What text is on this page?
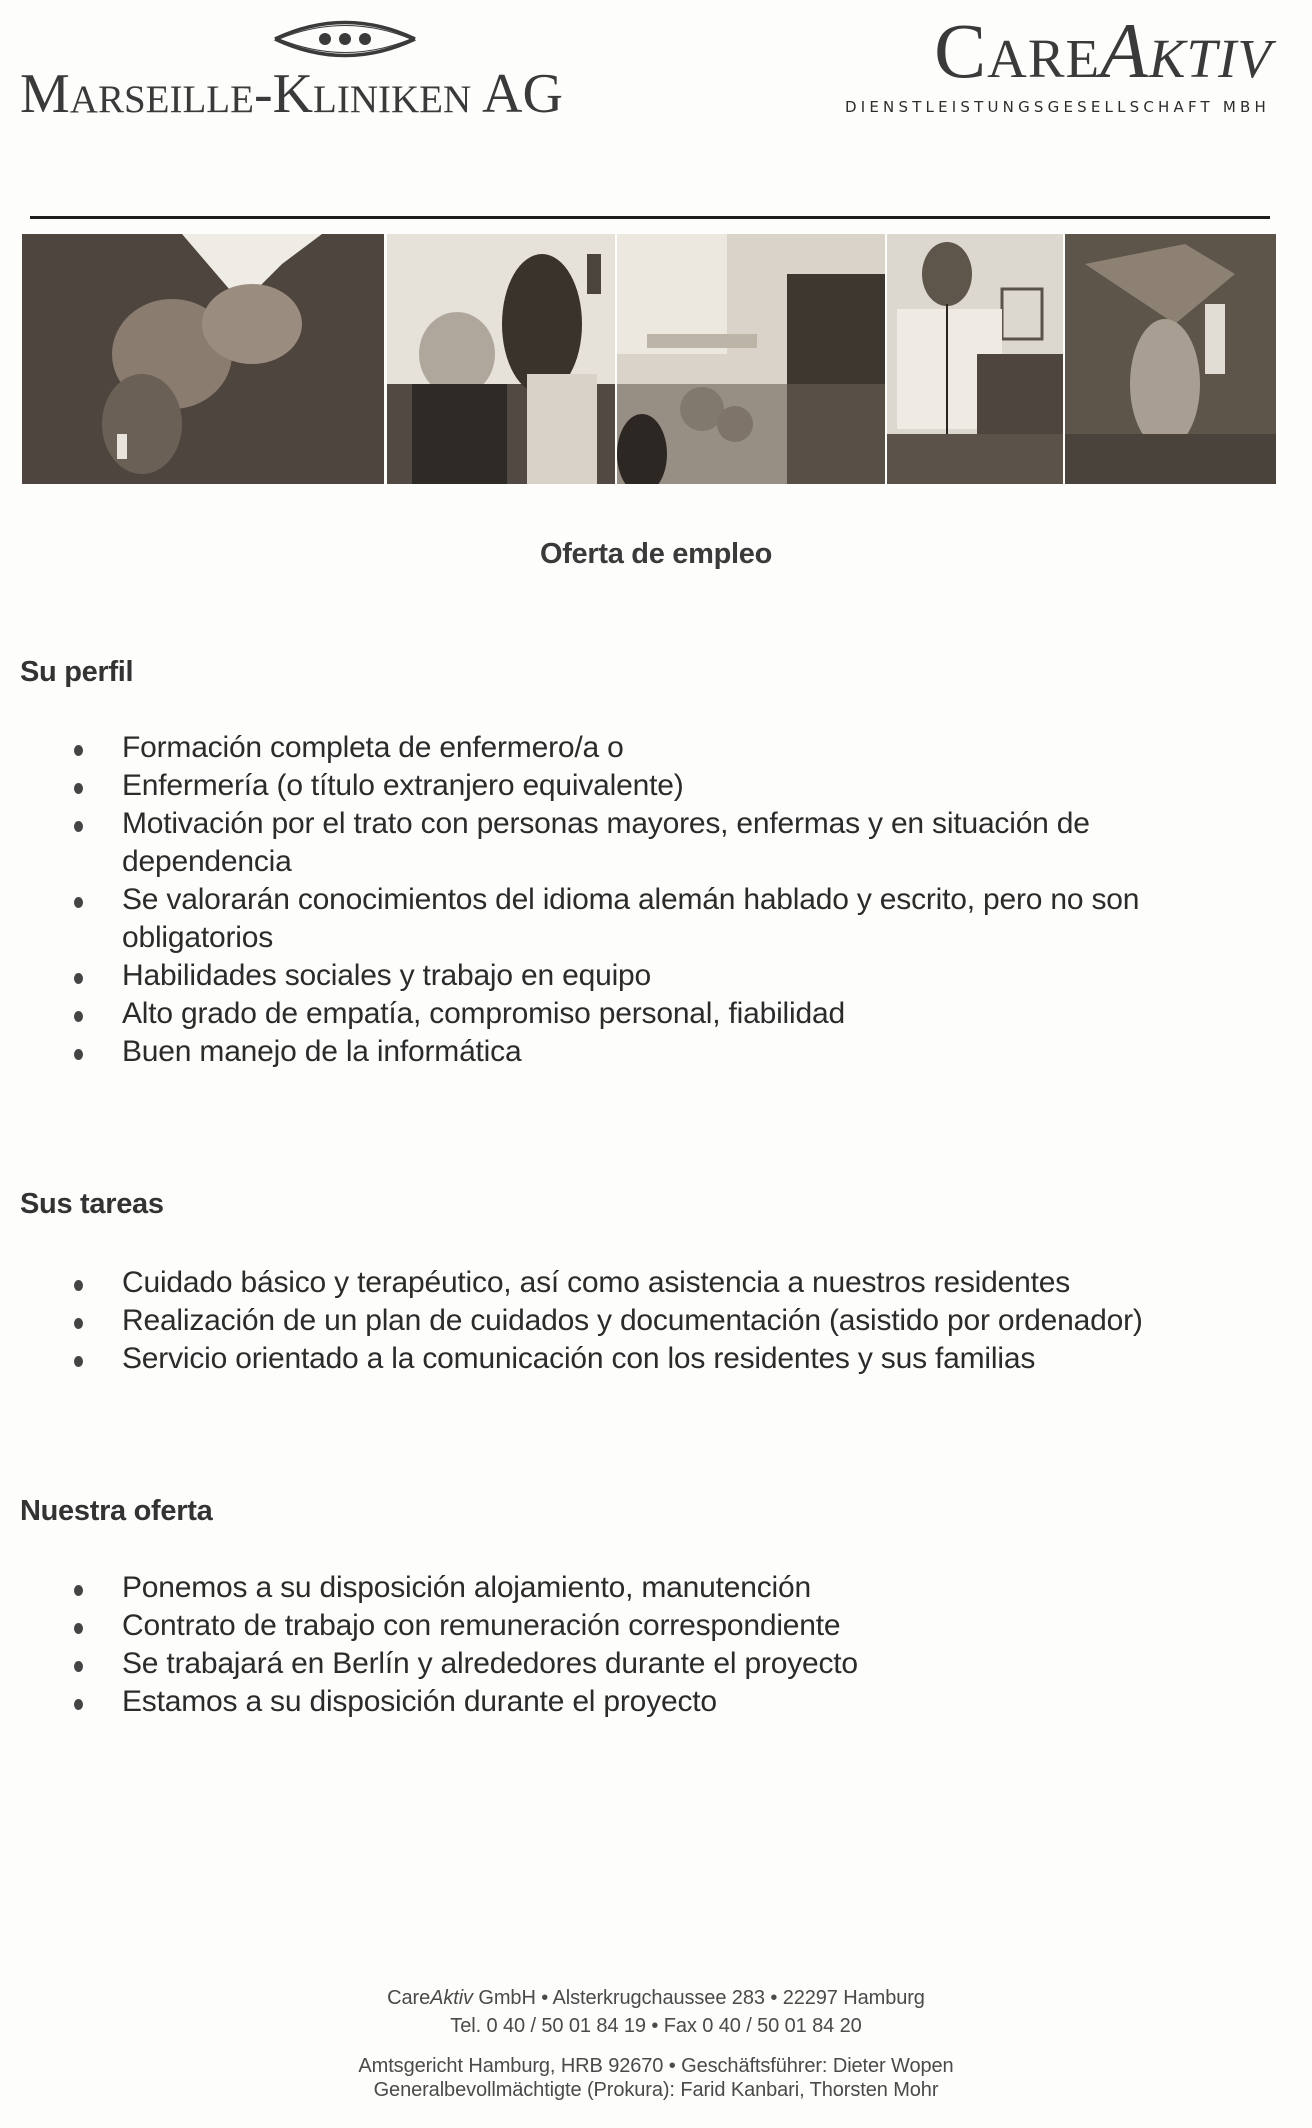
Marseille-Kliniken AG	CareAktiv
DIENSTLEISTUNGSGESELLSCHAFT MBH
Oferta de empleo
Su perfil
Formación completa de enfermero/a o
Enfermería (o título extranjero equivalente)
Motivación por el trato con personas mayores, enfermas y en situación de dependencia
Se valorarán conocimientos del idioma alemán hablado y escrito, pero no son obligatorios
Habilidades sociales y trabajo en equipo
Alto grado de empatía, compromiso personal, fiabilidad
Buen manejo de la informática
Sus tareas
Cuidado básico y terapéutico, así como asistencia a nuestros residentes
Realización de un plan de cuidados y documentación (asistido por ordenador)
Servicio orientado a la comunicación con los residentes y sus familias
Nuestra oferta
Ponemos a su disposición alojamiento, manutención
Contrato de trabajo con remuneración correspondiente
Se trabajará en Berlín y alrededores durante el proyecto
Estamos a su disposición durante el proyecto
CareAktiv GmbH • Alsterkrugchaussee 283 • 22297 Hamburg
Tel. 0 40 / 50 01 84 19 • Fax 0 40 / 50 01 84 20
Amtsgericht Hamburg, HRB 92670 • Geschäftsführer: Dieter Wopen
Generalbevollmächtigte (Prokura): Farid Kanbari, Thorsten Mohr
